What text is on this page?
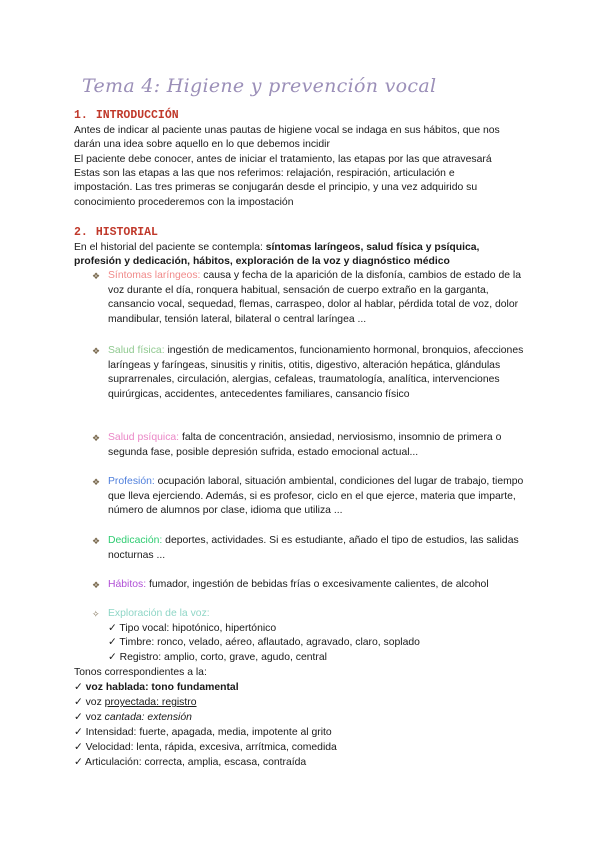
Tema 4: Higiene y prevención vocal
1. INTRODUCCIÓN
Antes de indicar al paciente unas pautas de higiene vocal se indaga en sus hábitos, que nos
darán una idea sobre aquello en lo que debemos incidir
El paciente debe conocer, antes de iniciar el tratamiento, las etapas por las que atravesará
Estas son las etapas a las que nos referimos: relajación, respiración, articulación e
impostación. Las tres primeras se conjugarán desde el principio, y una vez adquirido su
conocimiento procederemos con la impostación
2. HISTORIAL
En el historial del paciente se contempla: síntomas laríngeos, salud física y psíquica,
profesión y dedicación, hábitos, exploración de la voz y diagnóstico médico
❖ Síntomas laríngeos: causa y fecha de la aparición de la disfonía, cambios de estado de la voz durante el día, ronquera habitual, sensación de cuerpo extraño en la garganta, cansancio vocal, sequedad, flemas, carraspeo, dolor al hablar, pérdida total de voz, dolor mandibular, tensión lateral, bilateral o central laríngea ...
❖ Salud física: ingestión de medicamentos, funcionamiento hormonal, bronquios, afecciones laríngeas y faríngeas, sinusitis y rinitis, otitis, digestivo, alteración hepática, glándulas suprarrenales, circulación, alergias, cefaleas, traumatología, analítica, intervenciones quirúrgicas, accidentes, antecedentes familiares, cansancio físico
❖ Salud psíquica: falta de concentración, ansiedad, nerviosismo, insomnio de primera o segunda fase, posible depresión sufrida, estado emocional actual...
❖ Profesión: ocupación laboral, situación ambiental, condiciones del lugar de trabajo, tiempo que lleva ejerciendo. Además, si es profesor, ciclo en el que ejerce, materia que imparte, número de alumnos por clase, idioma que utiliza ...
❖ Dedicación: deportes, actividades. Si es estudiante, añado el tipo de estudios, las salidas nocturnas ...
❖ Hábitos: fumador, ingestión de bebidas frías o excesivamente calientes, de alcohol
✧ Exploración de la voz:
✓ Tipo vocal: hipotónico, hipertónico
✓ Timbre: ronco, velado, aéreo, aflautado, agravado, claro, soplado
✓ Registro: amplio, corto, grave, agudo, central
Tonos correspondientes a la:
✓ voz hablada: tono fundamental
✓ voz proyectada: registro
✓ voz cantada: extensión
✓ Intensidad: fuerte, apagada, media, impotente al grito
✓ Velocidad: lenta, rápida, excesiva, arrítmica, comedida
✓ Articulación: correcta, amplia, escasa, contraída
